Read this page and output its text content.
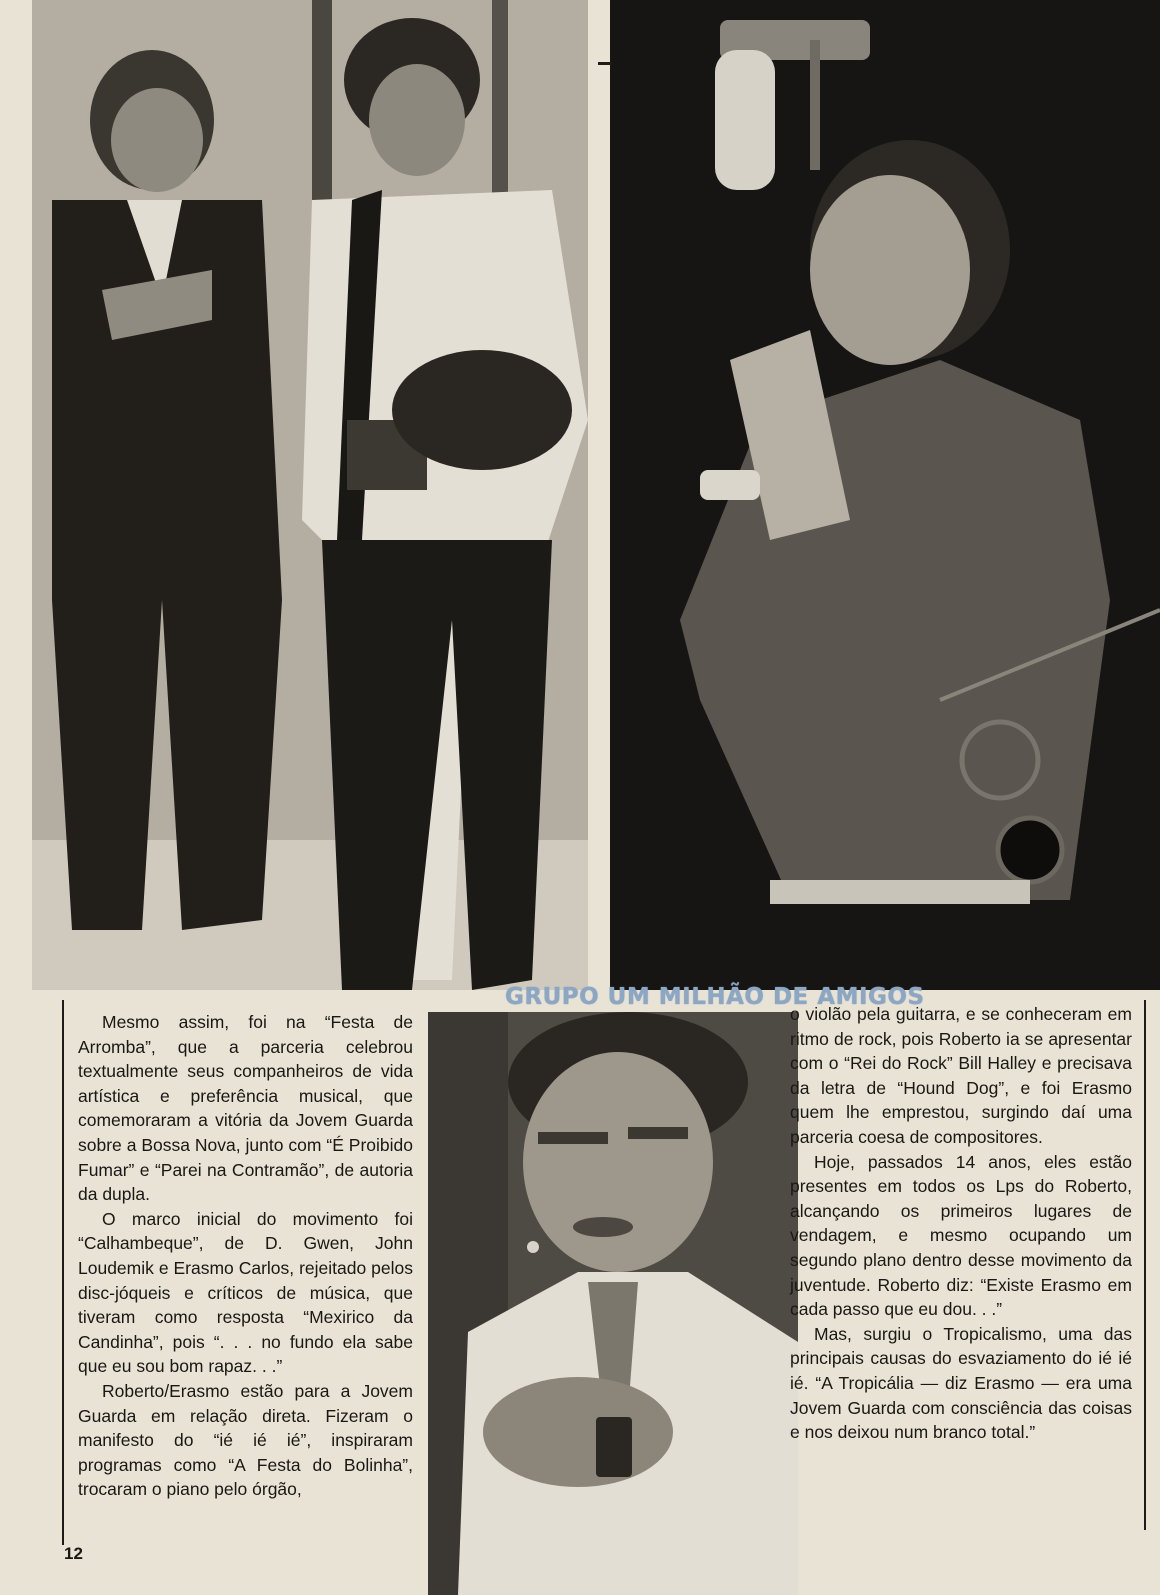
GRUPO UM MILHÃO DE AMIGOS

Mesmo assim, foi na “Festa de Arromba”, que a parceria celebrou textualmente seus companheiros de vida artística e preferência musical, que comemoraram a vitória da Jovem Guarda sobre a Bossa Nova, junto com “É Proibido Fumar” e “Parei na Contramão”, de autoria da dupla.

O marco inicial do movimento foi “Calhambeque”, de D. Gwen, John Loudemik e Erasmo Carlos, rejeitado pelos disc-jóqueis e críticos de música, que tiveram como resposta “Mexirico da Candinha”, pois “. . . no fundo ela sabe que eu sou bom rapaz. . .”

Roberto/Erasmo estão para a Jovem Guarda em relação direta. Fizeram o manifesto do “ié ié ié”, inspiraram programas como “A Festa do Bolinha”, trocaram o piano pelo órgão,

o violão pela guitarra, e se conheceram em ritmo de rock, pois Roberto ia se apresentar com o “Rei do Rock” Bill Halley e precisava da letra de “Hound Dog”, e foi Erasmo quem lhe emprestou, surgindo daí uma parceria coesa de compositores.

Hoje, passados 14 anos, eles estão presentes em todos os Lps do Roberto, alcançando os primeiros lugares de vendagem, e mesmo ocupando um segundo plano dentro desse movimento da juventude. Roberto diz: “Existe Erasmo em cada passo que eu dou. . .”

Mas, surgiu o Tropicalismo, uma das principais causas do esvaziamento do ié ié ié. “A Tropicália — diz Erasmo — era uma Jovem Guarda com consciência das coisas e nos deixou num branco total.”

12
